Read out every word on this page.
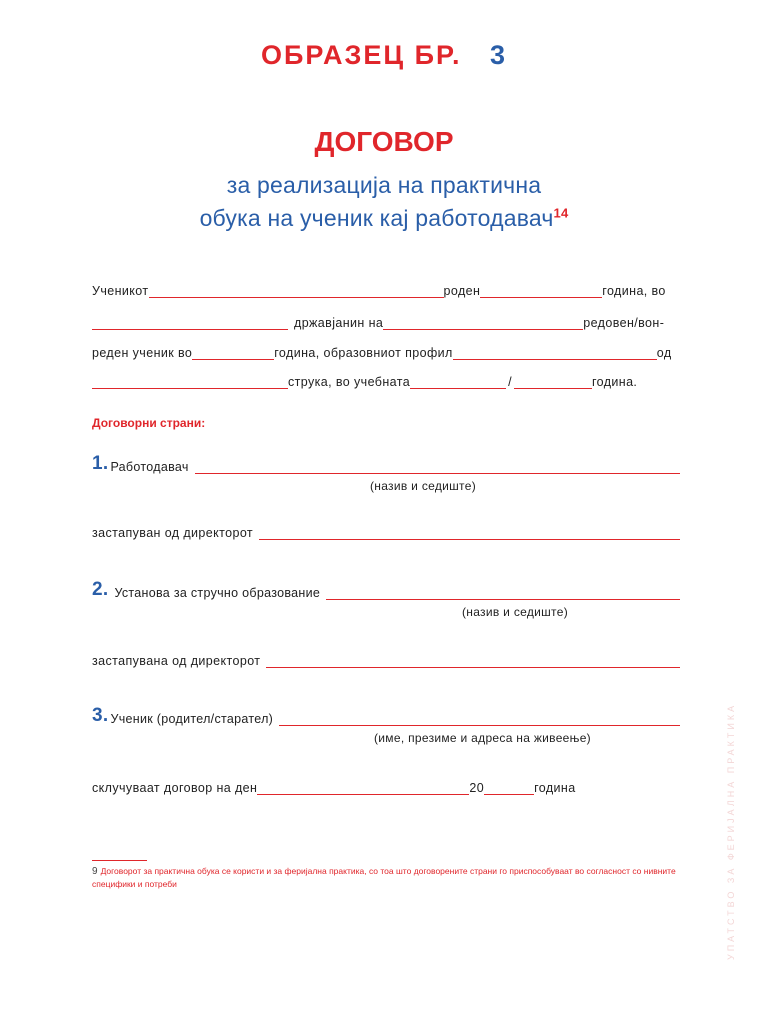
ОБРАЗЕЦ БР. 3
ДОГОВОР
за реализација на практична
обука на ученик кај работодавач$^{14}$
Ученикот	роден	година, во
државјанин на	редовен/вон-
реден ученик во	година, образовниот профил	од
струка, во учебната	/	година.
Договорни страни:
1. Работодавач
(назив и седиште)
застапуван од директорот
2. Установа за стручно образование
(назив и седиште)
застапувана од директорот
3. Ученик (родител/старател)
(име, презиме и адреса на живеење)
склучуваат договор на ден	20	година
9 Договорот за практична обука се користи и за феријална практика, со тоа што договорените страни го приспособуваат во согласност со нивните специфики и потреби	УПАТСТВО ЗА ФЕРИЈАЛНА ПРАКТИКА
